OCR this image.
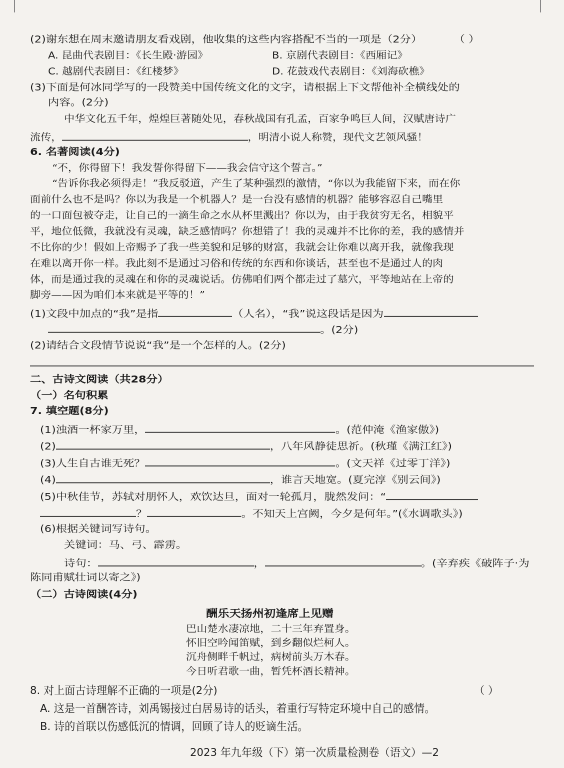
(2)谢东想在周末邀请朋友看戏剧，他收集的这些内容搭配不当的一项是（2分）	（ ）
A. 昆曲代表剧目：《长生殿·游园》	B. 京剧代表剧目：《西厢记》
C. 越剧代表剧目：《红楼梦》	D. 花鼓戏代表剧目：《刘海砍樵》
(3)下面是何冰同学写的一段赞美中国传统文化的文字，请根据上下文帮他补全横线处的
内容。(2分)
中华文化五千年，煌煌巨著随处见，春秋战国有孔孟，百家争鸣巨人间，汉赋唐诗广
流传，	，明清小说人称赞，现代文艺领风骚！
6. 名著阅读(4分)
“不，你得留下！我发誓你得留下——我会信守这个誓言。”
“告诉你我必须得走！”我反驳道，产生了某种强烈的激情，“你以为我能留下来，而在你
面前什么也不是吗？你以为我是一个机器人？是一台没有感情的机器？能够容忍自己嘴里
的一口面包被夺走，让自己的一滴生命之水从杯里溅出？你以为，由于我贫穷无名，相貌平
平，地位低微，我就没有灵魂，缺乏感情吗？你想错了！我的灵魂并不比你的差，我的感情并
不比你的少！假如上帝赐予了我一些美貌和足够的财富，我就会让你难以离开我，就像我现
在难以离开你一样。我此刻不是通过习俗和传统的东西和你谈话，甚至也不是通过人的肉
体，而是通过我的灵魂在和你的灵魂说话。仿佛咱们两个都走过了墓穴，平等地站在上帝的
脚旁——因为咱们本来就是平等的！”
(1)文段中加点的“我”是指	（人名），“我”说这段话是因为
。(2分)
(2)请结合文段情节说说“我”是一个怎样的人。(2分)
二、古诗文阅读（共28分）
（一）名句积累
7. 填空题(8分)
(1)浊酒一杯家万里，	。(范仲淹《渔家傲》)
(2)	，八年风静徒思祈。(秋瑾《满江红》)
(3)人生自古谁无死？	。(文天祥《过零丁洋》)
(4)	，谁言天地宽。(夏完淳《别云间》)
(5)中秋佳节，苏轼对朋怀人，欢饮达旦，面对一轮孤月，胧然发问：“
？	。不知天上宫阙，今夕是何年。”(《水调歌头》)
(6)根据关键词写诗句。
关键词：马、弓、霹雳。
诗句：	，	。(辛弃疾《破阵子·为
陈同甫赋壮词以寄之》)
（二）古诗阅读(4分)
酬乐天扬州初逢席上见赠
巴山楚水凄凉地，二十三年弃置身。
怀旧空吟闻笛赋，到乡翻似烂柯人。
沉舟侧畔千帆过，病树前头万木春。
今日听君歌一曲，暂凭杯酒长精神。
8. 对上面古诗理解不正确的一项是(2分)	（ ）
A. 这是一首酬答诗，刘禹锡接过白居易诗的话头，着重行写特定环境中自己的感情。
B. 诗的首联以伤感低沉的情调，回顾了诗人的贬谪生活。
2023 年九年级（下）第一次质量检测卷（语文）—2
